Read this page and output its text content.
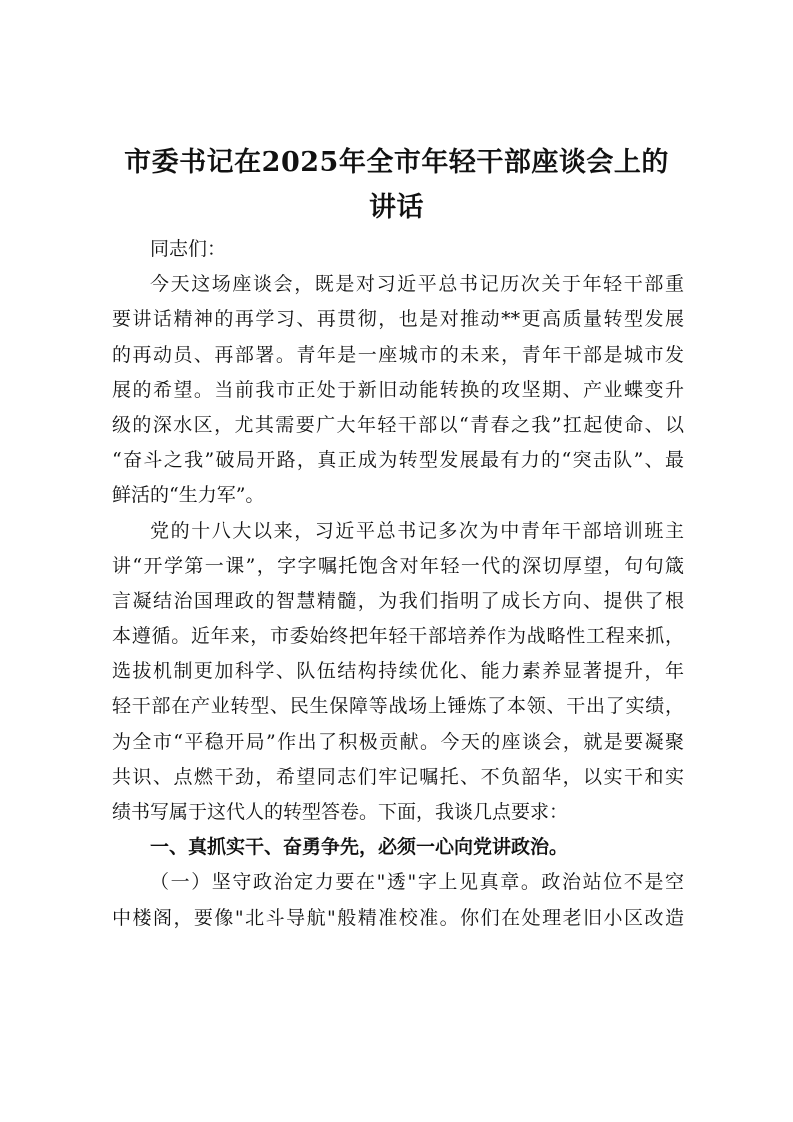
市委书记在2025年全市年轻干部座谈会上的
讲话
同志们：
今天这场座谈会，既是对习近平总书记历次关于年轻干部重
要讲话精神的再学习、再贯彻，也是对推动**更高质量转型发展
的再动员、再部署。青年是一座城市的未来，青年干部是城市发
展的希望。当前我市正处于新旧动能转换的攻坚期、产业蝶变升
级的深水区，尤其需要广大年轻干部以“青春之我”扛起使命、以
“奋斗之我”破局开路，真正成为转型发展最有力的“突击队”、最
鲜活的“生力军”。
党的十八大以来，习近平总书记多次为中青年干部培训班主
讲“开学第一课”，字字嘱托饱含对年轻一代的深切厚望，句句箴
言凝结治国理政的智慧精髓，为我们指明了成长方向、提供了根
本遵循。近年来，市委始终把年轻干部培养作为战略性工程来抓，
选拔机制更加科学、队伍结构持续优化、能力素养显著提升，年
轻干部在产业转型、民生保障等战场上锤炼了本领、干出了实绩，
为全市“平稳开局”作出了积极贡献。今天的座谈会，就是要凝聚
共识、点燃干劲，希望同志们牢记嘱托、不负韶华，以实干和实
绩书写属于这代人的转型答卷。下面，我谈几点要求：
一、真抓实干、奋勇争先，必须一心向党讲政治。
（一）坚守政治定力要在"透"字上见真章。政治站位不是空
中楼阁，要像"北斗导航"般精准校准。你们在处理老旧小区改造
